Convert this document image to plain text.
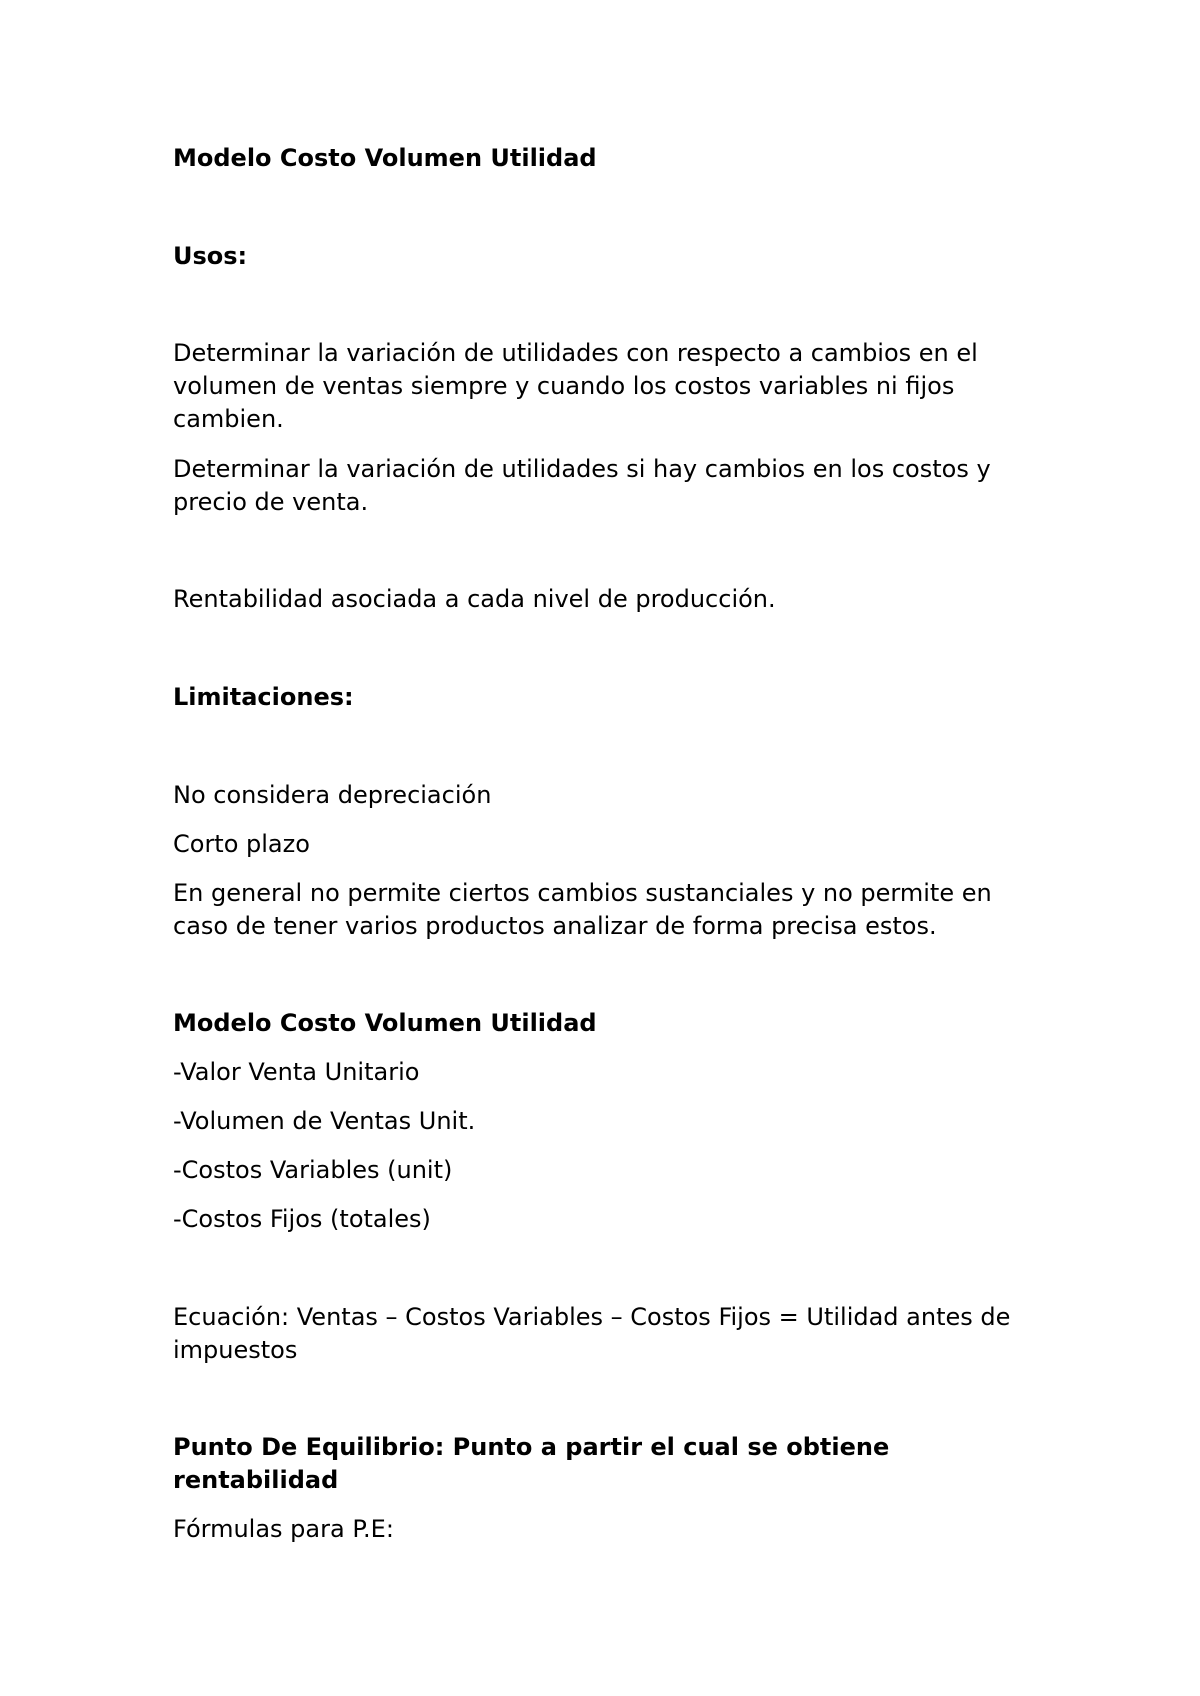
Modelo Costo Volumen Utilidad

Usos:

Determinar la variación de utilidades con respecto a cambios en el

volumen de ventas siempre y cuando los costos variables ni fijos

cambien.

Determinar la variación de utilidades si hay cambios en los costos y

precio de venta.

Rentabilidad asociada a cada nivel de producción.

Limitaciones:

No considera depreciación

Corto plazo

En general no permite ciertos cambios sustanciales y no permite en

caso de tener varios productos analizar de forma precisa estos.

Modelo Costo Volumen Utilidad

-Valor Venta Unitario

-Volumen de Ventas Unit.

-Costos Variables (unit)

-Costos Fijos (totales)

Ecuación: Ventas – Costos Variables – Costos Fijos = Utilidad antes de

impuestos

Punto De Equilibrio: Punto a partir el cual se obtiene

rentabilidad

Fórmulas para P.E:
